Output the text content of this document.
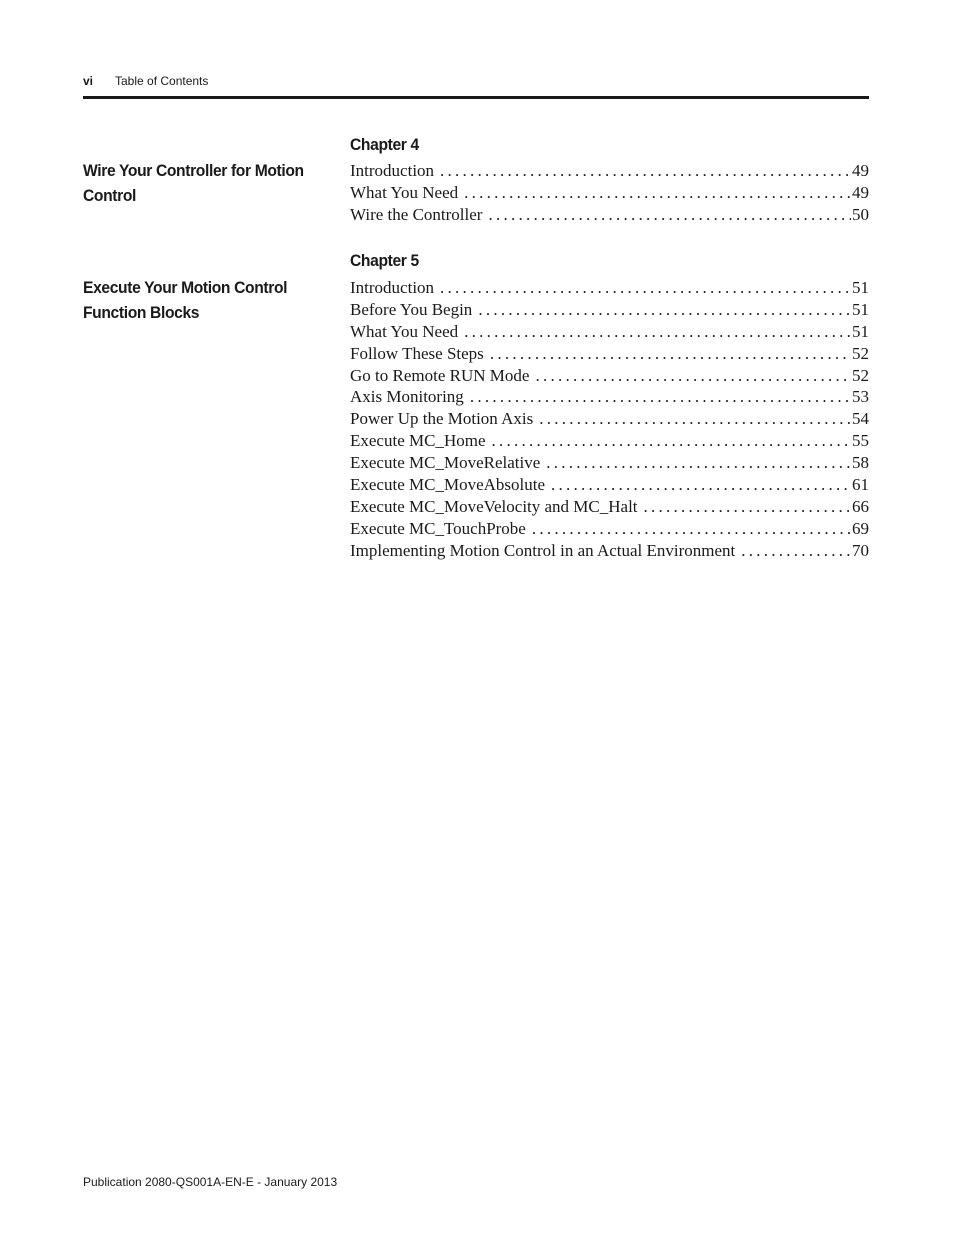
vi Table of Contents
Chapter 4
Wire Your Controller for Motion
Control
Introduction . . .	49
What You Need . . .	49
Wire the Controller . . .	50
Chapter 5
Execute Your Motion Control
Function Blocks
Introduction . . .	51
Before You Begin . . .	51
What You Need . . .	51
Follow These Steps . . .	52
Go to Remote RUN Mode . . .	52
Axis Monitoring . . .	53
Power Up the Motion Axis . . .	54
Execute MC_Home . . .	55
Execute MC_MoveRelative . . .	58
Execute MC_MoveAbsolute . . .	61
Execute MC_MoveVelocity and MC_Halt . . .	66
Execute MC_TouchProbe . . .	69
Implementing Motion Control in an Actual Environment . . .	70
Publication 2080-QS001A-EN-E - January 2013
